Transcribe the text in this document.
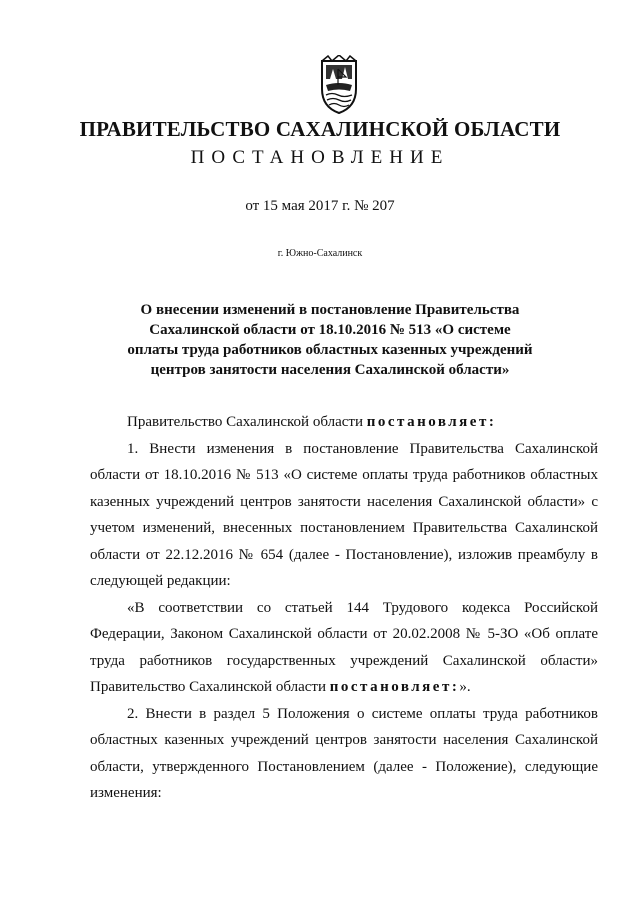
ПРАВИТЕЛЬСТВО САХАЛИНСКОЙ ОБЛАСТИ
ПОСТАНОВЛЕНИЕ
от 15 мая 2017 г. № 207
г. Южно-Сахалинск
О внесении изменений в постановление Правительства
Сахалинской области от 18.10.2016 № 513 «О системе
оплаты труда работников областных казенных учреждений
центров занятости населения Сахалинской области»
Правительство Сахалинской области постановляет:
1. Внести изменения в постановление Правительства Сахалинской
области от 18.10.2016 № 513 «О системе оплаты труда работников областных
казенных учреждений центров занятости населения Сахалинской области» с
учетом изменений, внесенных постановлением Правительства Сахалинской
области от 22.12.2016 № 654 (далее - Постановление), изложив преамбулу в
следующей редакции:
«В соответствии со статьей 144 Трудового кодекса Российской
Федерации, Законом Сахалинской области от 20.02.2008 № 5-ЗО «Об оплате
труда работников государственных учреждений Сахалинской области»
Правительство Сахалинской области постановляет:».
2. Внести в раздел 5 Положения о системе оплаты труда работников
областных казенных учреждений центров занятости населения Сахалинской
области, утвержденного Постановлением (далее - Положение), следующие
изменения:
